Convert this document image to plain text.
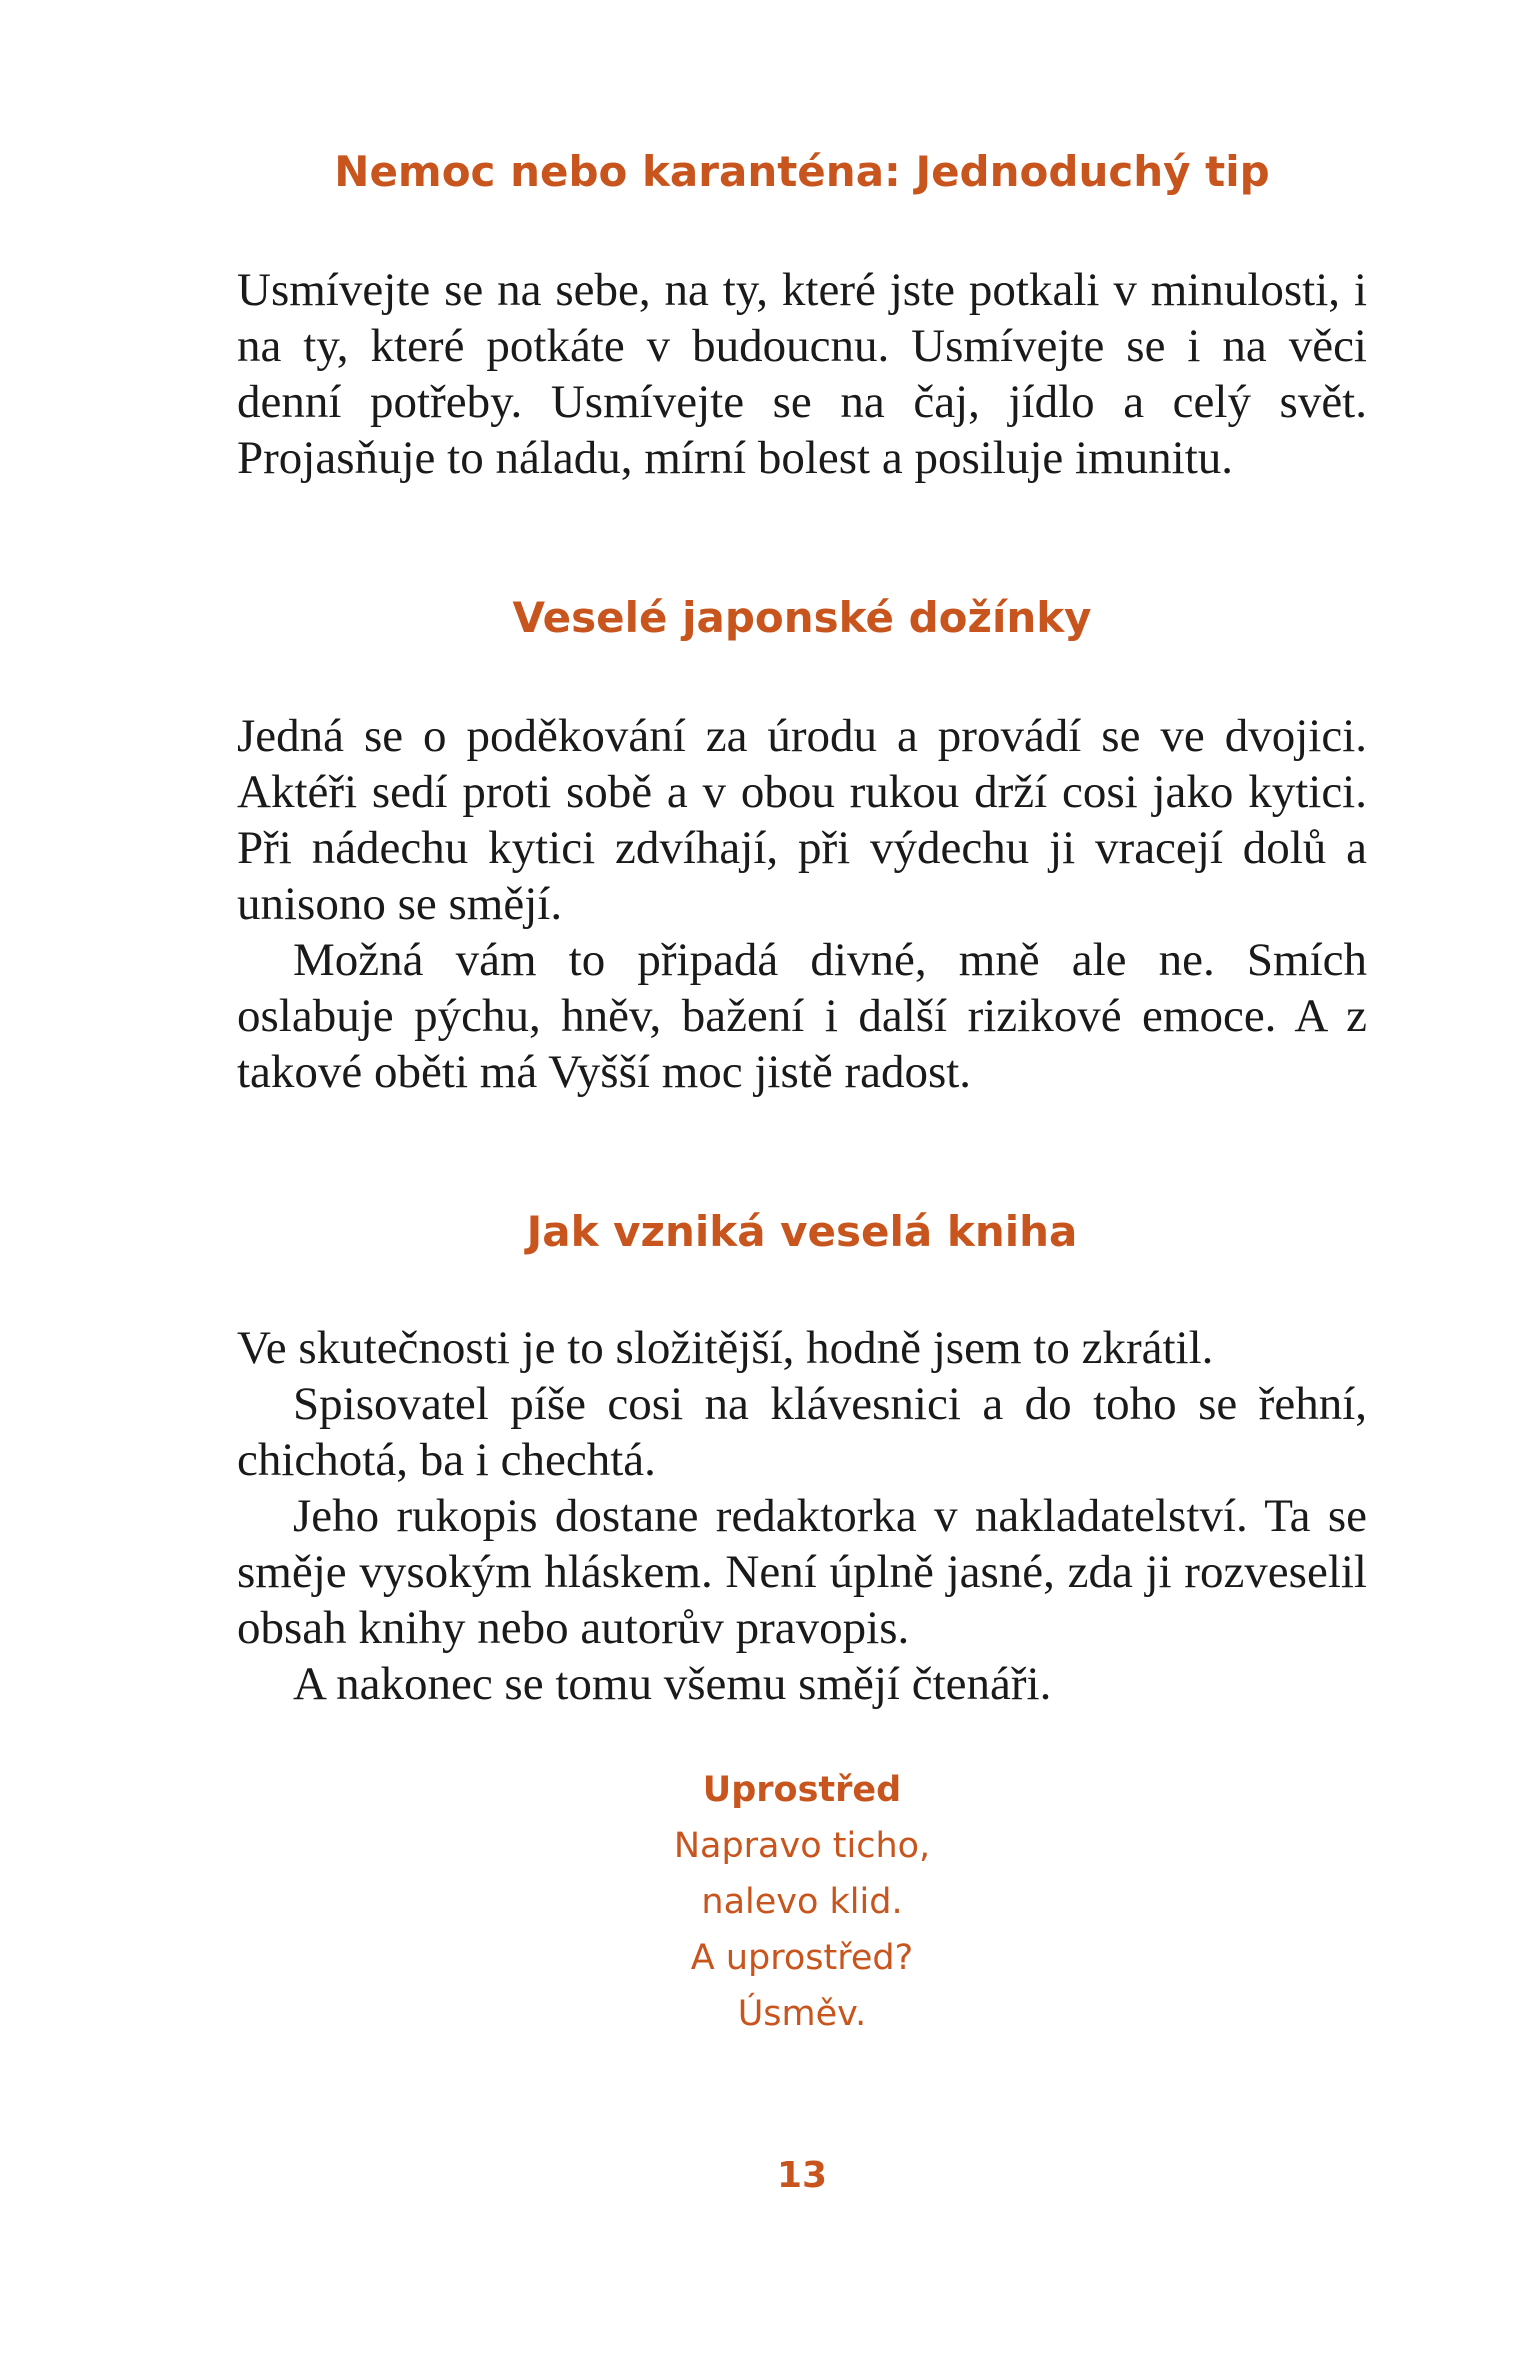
Nemoc nebo karanténa: Jednoduchý tip

Usmívejte se na sebe, na ty, které jste potkali v minulosti, i na ty, které potkáte v budoucnu. Usmívejte se i na věci denní potřeby. Usmívejte se na čaj, jídlo a celý svět. Projasňuje to náladu, mírní bolest a posiluje imunitu.

Veselé japonské dožínky

Jedná se o poděkování za úrodu a provádí se ve dvojici. Aktéři sedí proti sobě a v obou rukou drží cosi jako kytici. Při nádechu kytici zdvíhají, při výdechu ji vracejí dolů a unisono se smějí.

Možná vám to připadá divné, mně ale ne. Smích oslabuje pýchu, hněv, bažení i další rizikové emoce. A z takové oběti má Vyšší moc jistě radost.

Jak vzniká veselá kniha

Ve skutečnosti je to složitější, hodně jsem to zkrátil.

Spisovatel píše cosi na klávesnici a do toho se řehní, chichotá, ba i chechtá.

Jeho rukopis dostane redaktorka v nakladatelství. Ta se směje vysokým hláskem. Není úplně jasné, zda ji rozveselil obsah knihy nebo autorův pravopis.

A nakonec se tomu všemu smějí čtenáři.

Uprostřed
Napravo ticho,
nalevo klid.
A uprostřed?
Úsměv.
13
